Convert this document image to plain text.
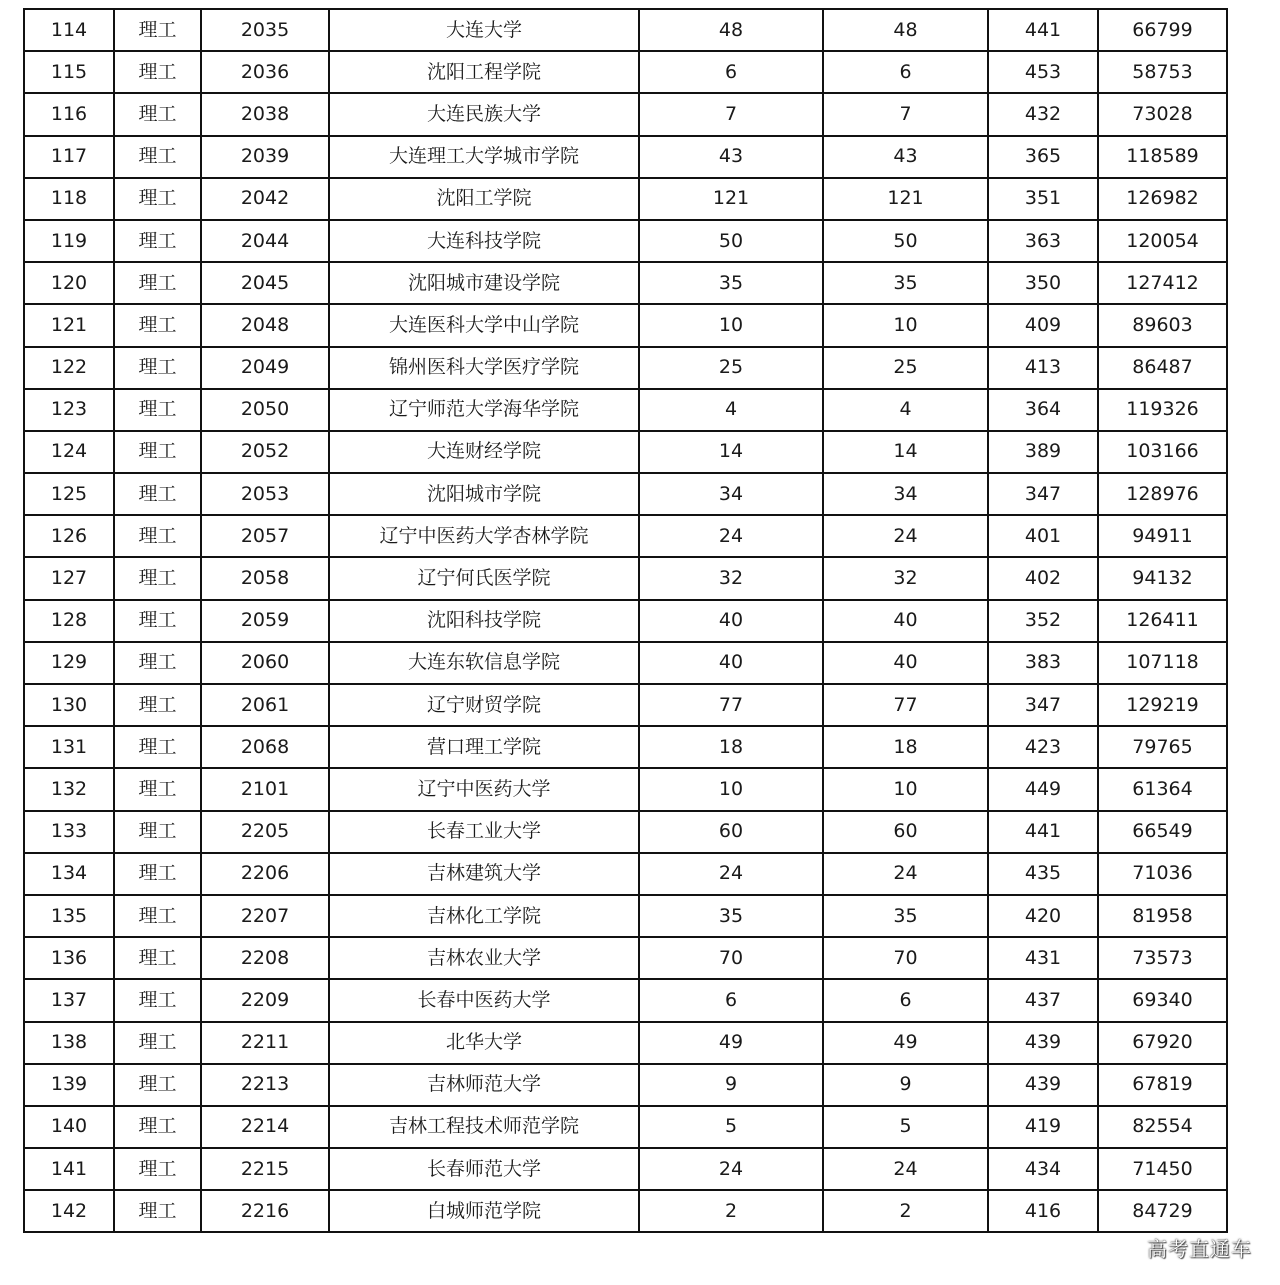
114	理工	2035	大连大学	48	48	441	66799
115	理工	2036	沈阳工程学院	6	6	453	58753
116	理工	2038	大连民族大学	7	7	432	73028
117	理工	2039	大连理工大学城市学院	43	43	365	118589
118	理工	2042	沈阳工学院	121	121	351	126982
119	理工	2044	大连科技学院	50	50	363	120054
120	理工	2045	沈阳城市建设学院	35	35	350	127412
121	理工	2048	大连医科大学中山学院	10	10	409	89603
122	理工	2049	锦州医科大学医疗学院	25	25	413	86487
123	理工	2050	辽宁师范大学海华学院	4	4	364	119326
124	理工	2052	大连财经学院	14	14	389	103166
125	理工	2053	沈阳城市学院	34	34	347	128976
126	理工	2057	辽宁中医药大学杏林学院	24	24	401	94911
127	理工	2058	辽宁何氏医学院	32	32	402	94132
128	理工	2059	沈阳科技学院	40	40	352	126411
129	理工	2060	大连东软信息学院	40	40	383	107118
130	理工	2061	辽宁财贸学院	77	77	347	129219
131	理工	2068	营口理工学院	18	18	423	79765
132	理工	2101	辽宁中医药大学	10	10	449	61364
133	理工	2205	长春工业大学	60	60	441	66549
134	理工	2206	吉林建筑大学	24	24	435	71036
135	理工	2207	吉林化工学院	35	35	420	81958
136	理工	2208	吉林农业大学	70	70	431	73573
137	理工	2209	长春中医药大学	6	6	437	69340
138	理工	2211	北华大学	49	49	439	67920
139	理工	2213	吉林师范大学	9	9	439	67819
140	理工	2214	吉林工程技术师范学院	5	5	419	82554
141	理工	2215	长春师范大学	24	24	434	71450
142	理工	2216	白城师范学院	2	2	416	84729
高考直通车
